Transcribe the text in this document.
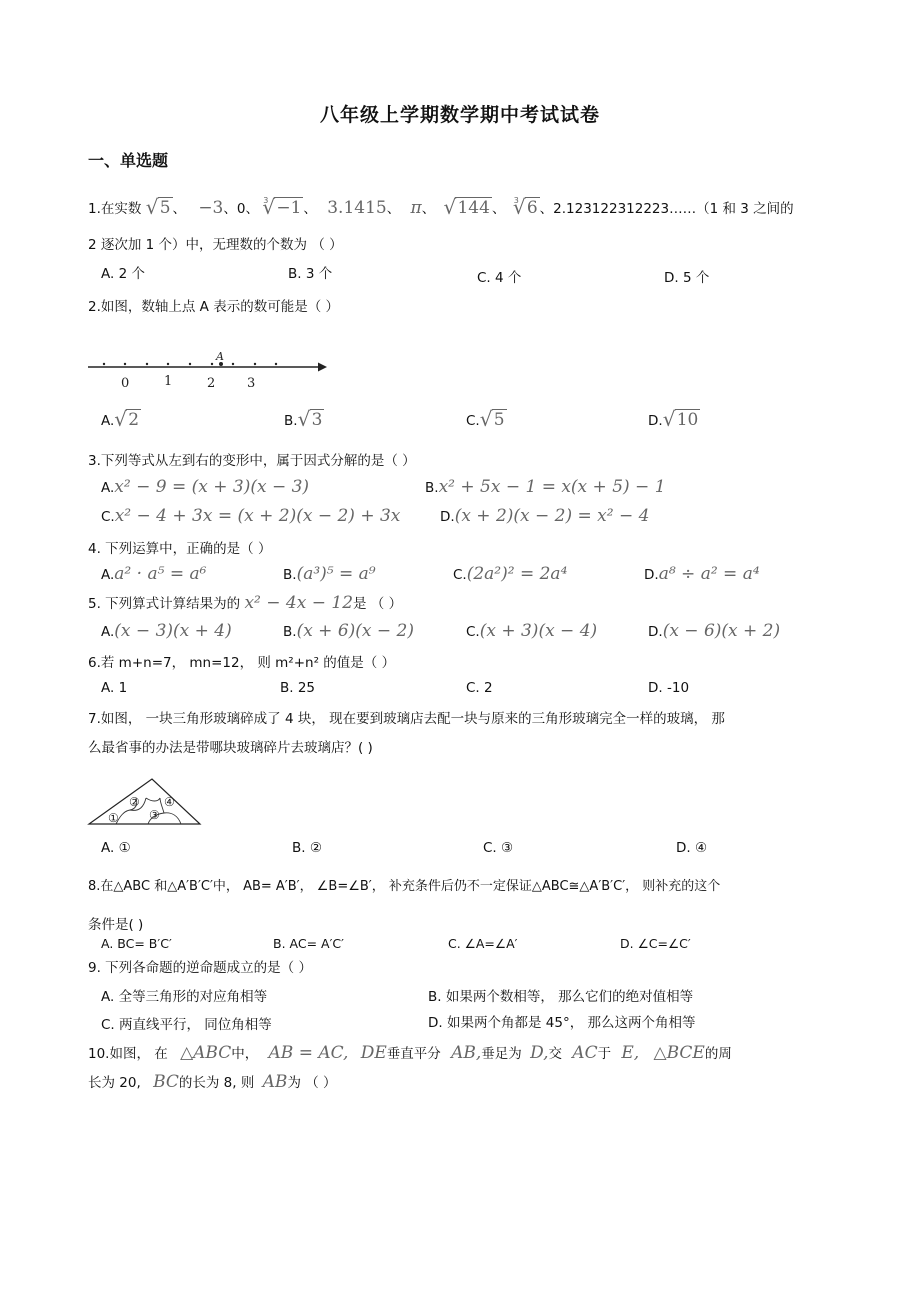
八年级上学期数学期中考试试卷
一、单选题
1.在实数 √ 5 、 −3、0、 $^3$ √ −1 、 3.1415、 π、 √ 144 、 $^3$ √ 6 、2.123122312223……（1 和 3 之间的
2 逐次加 1 个）中，无理数的个数为 （ ）
A. 2 个	B. 3 个	C. 4 个	D. 5 个
2.如图，数轴上点 A 表示的数可能是（ ）
A
0	1	2 3
A. √ 2	B. √ 3	C. √ 5	D. √ 10
3.下列等式从左到右的变形中，属于因式分解的是（ ）
A.x² − 9 = (x + 3)(x − 3)	B.x² + 5x − 1 = x(x + 5) − 1
C.x² − 4 + 3x = (x + 2)(x − 2) + 3x	D.(x + 2)(x − 2) = x² − 4
4. 下列运算中，正确的是（ ）
A.a² · a⁵ = a⁶	B.(a³)⁵ = a⁹	C.(2a²)² = 2a⁴	D.a⁸ ÷ a² = a⁴
5. 下列算式计算结果为的 x² − 4x − 12是 （ ）
A.(x − 3)(x + 4)	B.(x + 6)(x − 2)	C.(x + 3)(x − 4)	D.(x − 6)(x + 2)
6.若 m+n=7， mn=12， 则 m²+n² 的值是（ ）
A. 1	B. 25	C. 2	D. -10
7.如图， 一块三角形玻璃碎成了 4 块， 现在要到玻璃店去配一块与原来的三角形玻璃完全一样的玻璃， 那
么最省事的办法是带哪块玻璃碎片去玻璃店？( )
①
②
③
④
A. ①	B. ②	C. ③	D. ④
8.在△ABC 和△A′B′C′中， AB= A′B′， ∠B=∠B′， 补充条件后仍不一定保证△ABC≅△A′B′C′， 则补充的这个
条件是( )
A. BC= B′C′	B. AC= A′C′	C. ∠A=∠A′	D. ∠C=∠C′
9. 下列各命题的逆命题成立的是（ ）
A. 全等三角形的对应角相等	B. 如果两个数相等， 那么它们的绝对值相等
C. 两直线平行， 同位角相等	D. 如果两个角都是 45°， 那么这两个角相等
10.如图， 在 △ABC中， AB = AC, DE垂直平分 AB,垂足为 D,交 AC于 E, △BCE的周
长为 20, BC的长为 8, 则 AB为 （ ）
